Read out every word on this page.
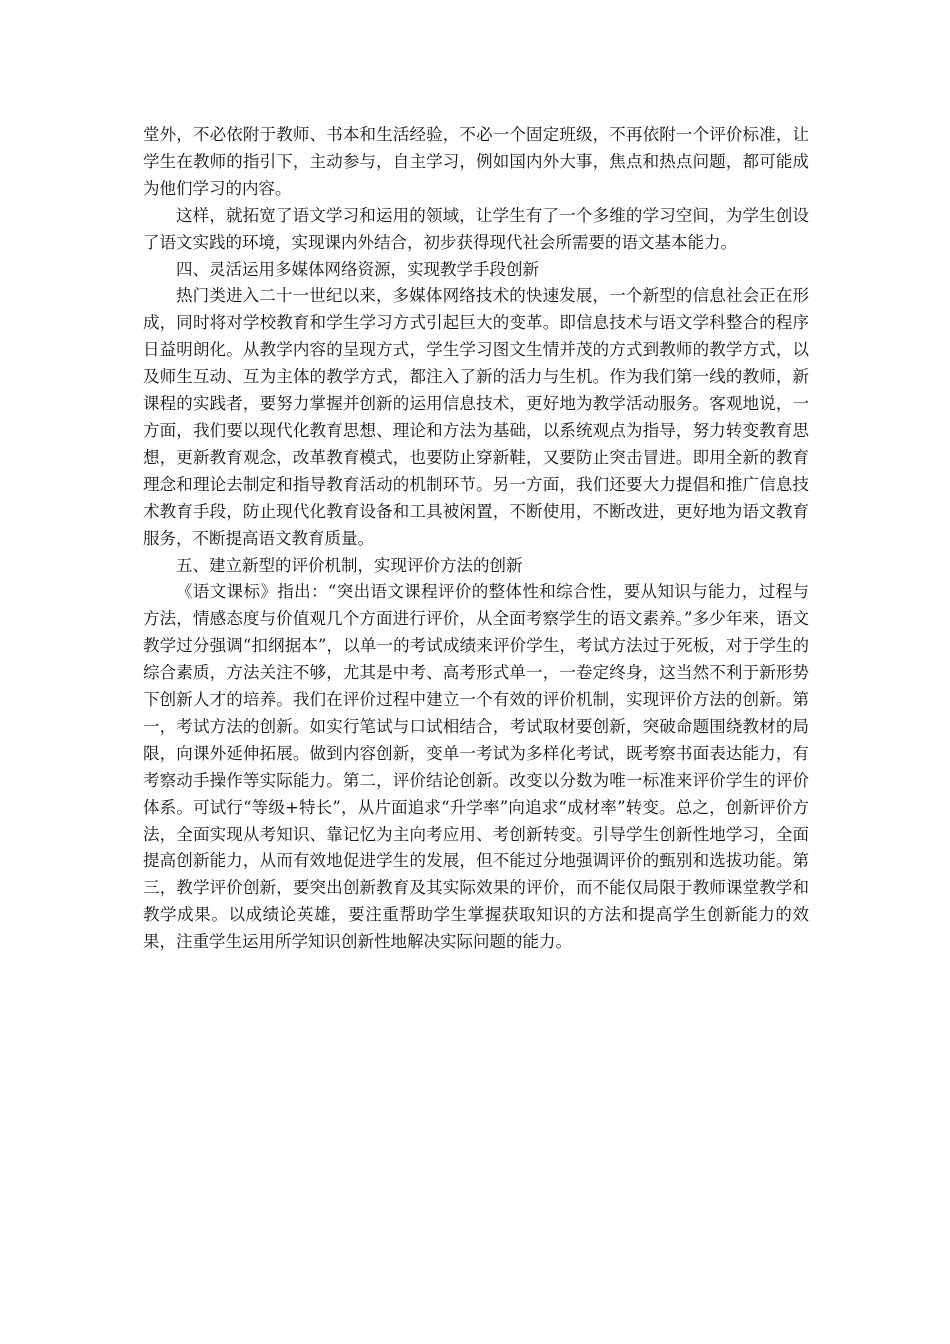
堂外，不必依附于教师、书本和生活经验，不必一个固定班级，不再依附一个评价标准，让学生在教师的指引下，主动参与，自主学习，例如国内外大事，焦点和热点问题，都可能成为他们学习的内容。

这样，就拓宽了语文学习和运用的领域，让学生有了一个多维的学习空间，为学生创设了语文实践的环境，实现课内外结合，初步获得现代社会所需要的语文基本能力。

四、灵活运用多媒体网络资源，实现教学手段创新

热门类进入二十一世纪以来，多媒体网络技术的快速发展，一个新型的信息社会正在形成，同时将对学校教育和学生学习方式引起巨大的变革。即信息技术与语文学科整合的程序日益明朗化。从教学内容的呈现方式，学生学习图文生情并茂的方式到教师的教学方式，以及师生互动、互为主体的教学方式，都注入了新的活力与生机。作为我们第一线的教师，新课程的实践者，要努力掌握并创新的运用信息技术，更好地为教学活动服务。客观地说，一方面，我们要以现代化教育思想、理论和方法为基础，以系统观点为指导，努力转变教育思想，更新教育观念，改革教育模式，也要防止穿新鞋，又要防止突击冒进。即用全新的教育理念和理论去制定和指导教育活动的机制环节。另一方面，我们还要大力提倡和推广信息技术教育手段，防止现代化教育设备和工具被闲置，不断使用，不断改进，更好地为语文教育服务，不断提高语文教育质量。

五、建立新型的评价机制，实现评价方法的创新

《语文课标》指出：“突出语文课程评价的整体性和综合性，要从知识与能力，过程与方法，情感态度与价值观几个方面进行评价，从全面考察学生的语文素养。”多少年来，语文教学过分强调“扣纲据本”，以单一的考试成绩来评价学生，考试方法过于死板，对于学生的综合素质，方法关注不够，尤其是中考、高考形式单一，一卷定终身，这当然不利于新形势下创新人才的培养。我们在评价过程中建立一个有效的评价机制，实现评价方法的创新。第一，考试方法的创新。如实行笔试与口试相结合，考试取材要创新，突破命题围绕教材的局限，向课外延伸拓展。做到内容创新，变单一考试为多样化考试，既考察书面表达能力，有考察动手操作等实际能力。第二，评价结论创新。改变以分数为唯一标准来评价学生的评价体系。可试行“等级+特长”，从片面追求“升学率”向追求“成材率”转变。总之，创新评价方法，全面实现从考知识、靠记忆为主向考应用、考创新转变。引导学生创新性地学习，全面提高创新能力，从而有效地促进学生的发展，但不能过分地强调评价的甄别和选拔功能。第三，教学评价创新，要突出创新教育及其实际效果的评价，而不能仅局限于教师课堂教学和教学成果。以成绩论英雄，要注重帮助学生掌握获取知识的方法和提高学生创新能力的效果，注重学生运用所学知识创新性地解决实际问题的能力。
